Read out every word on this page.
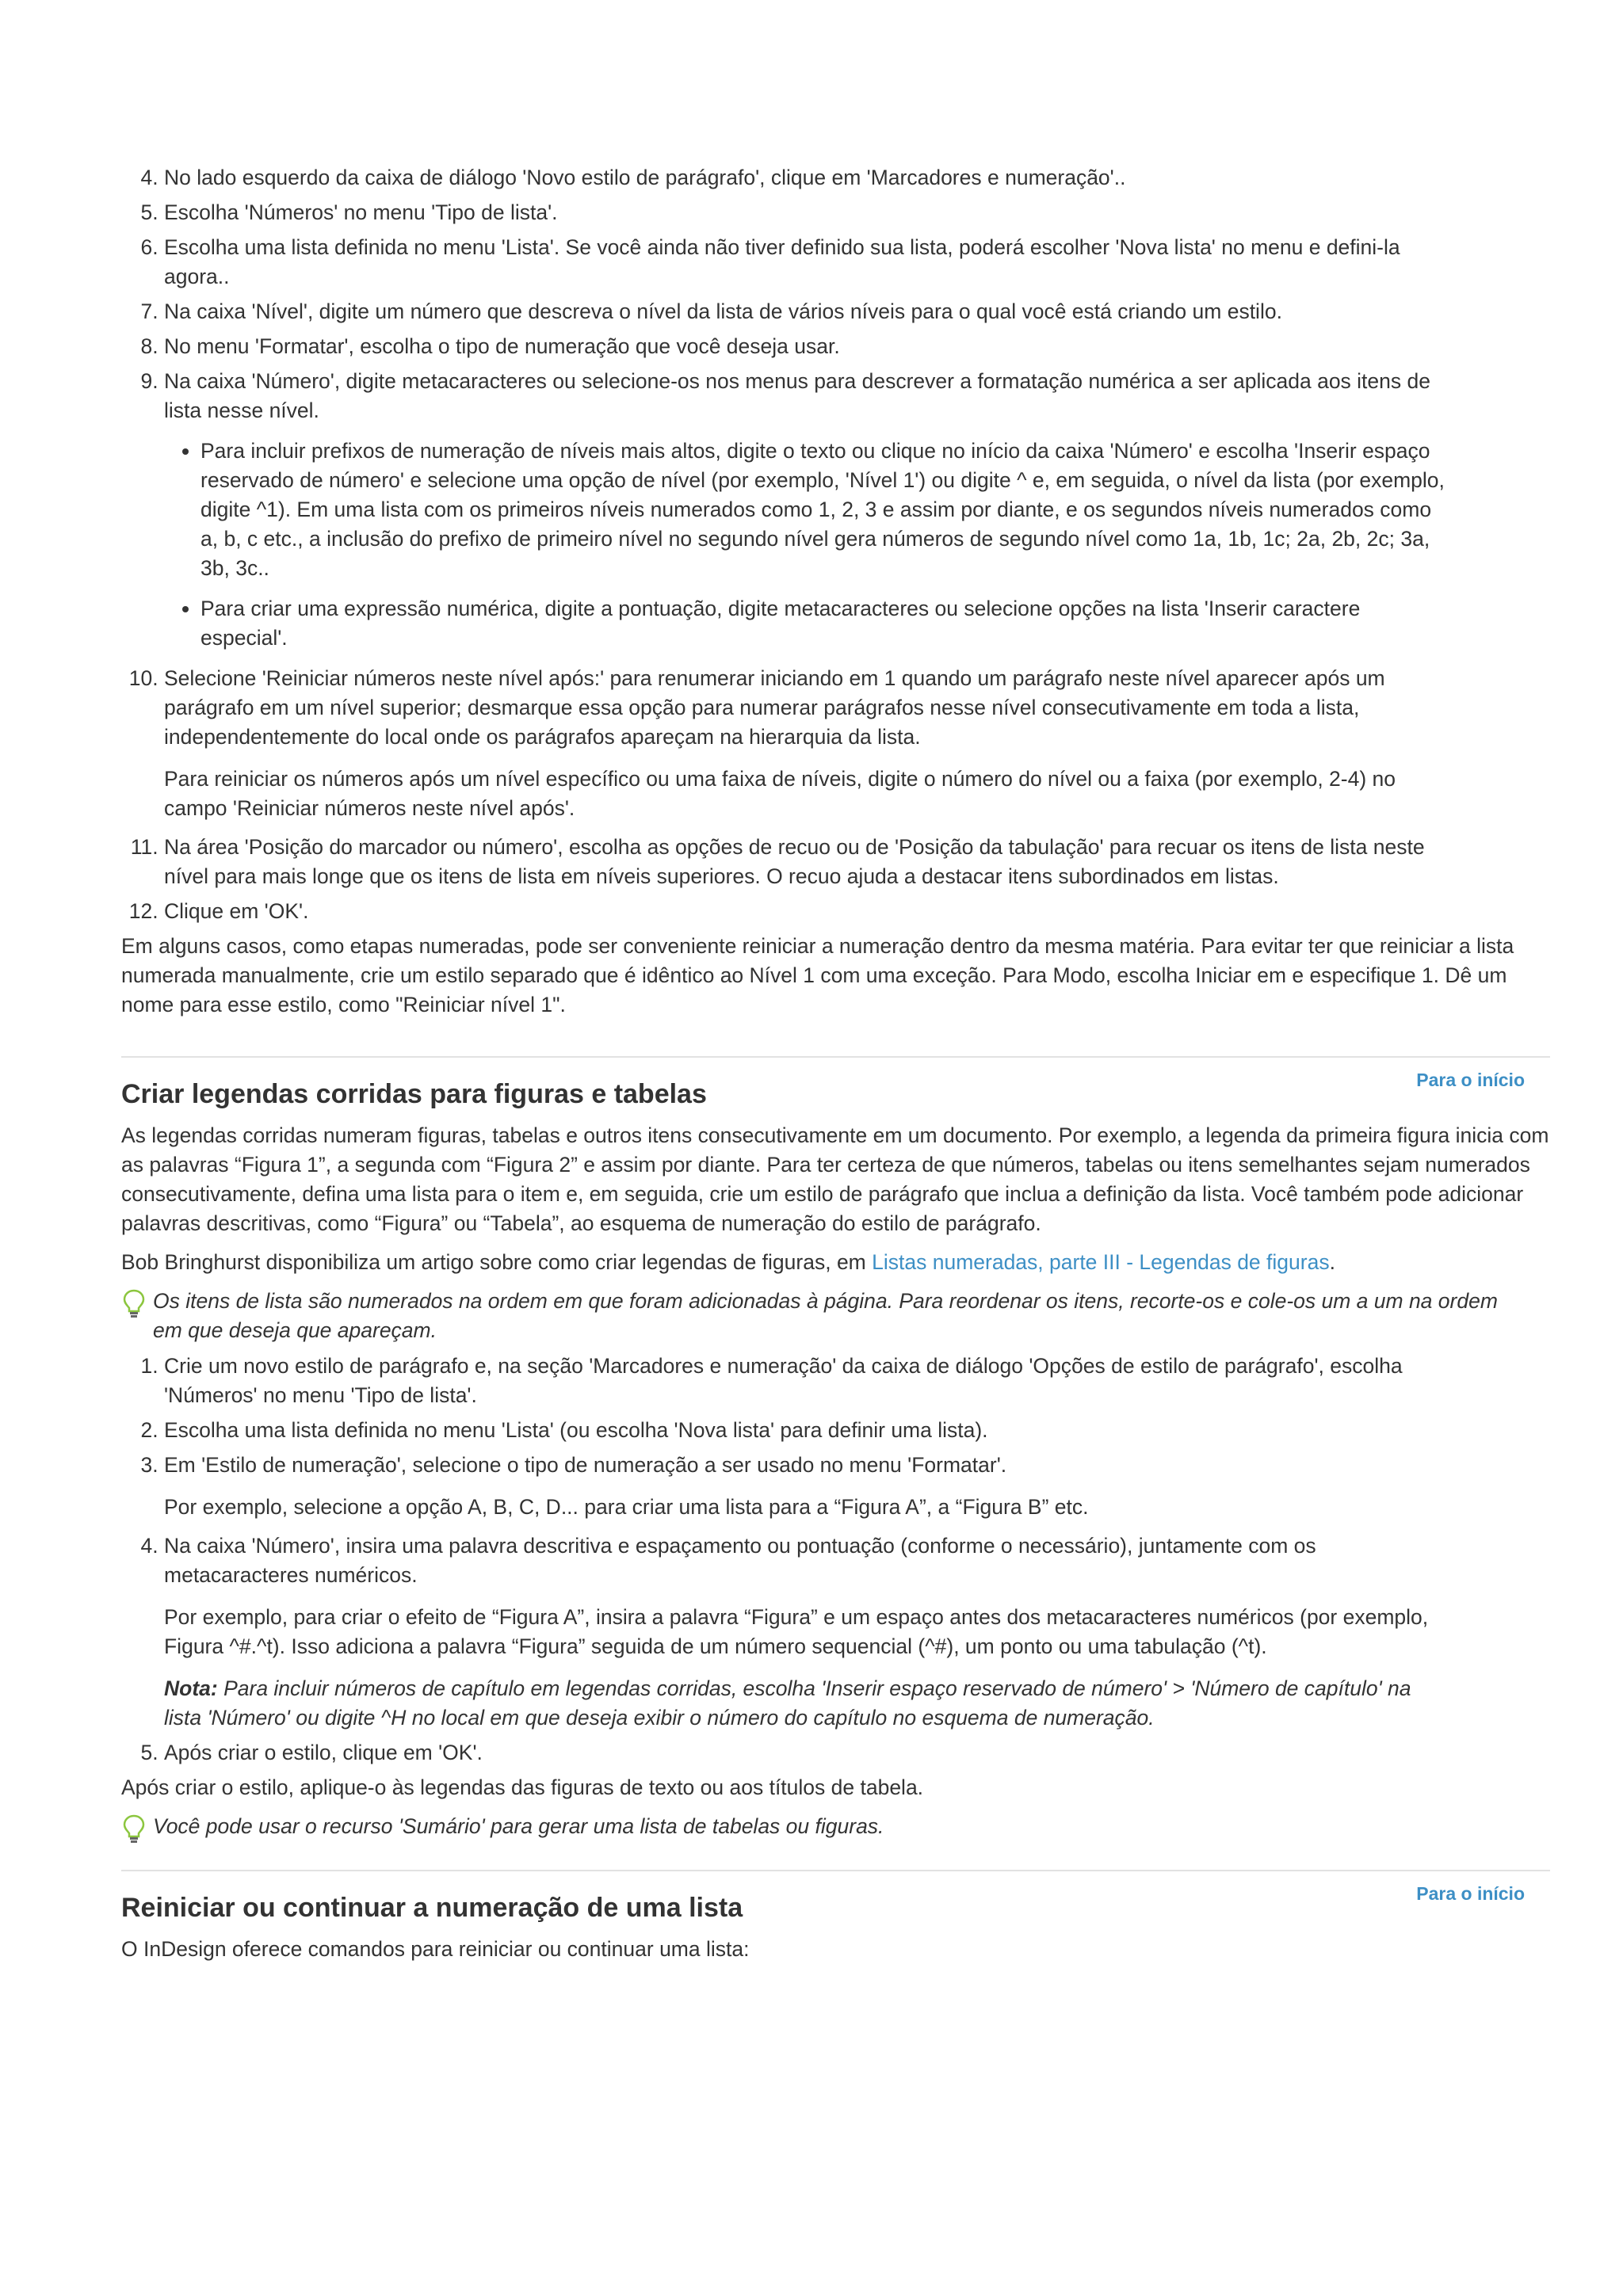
4. No lado esquerdo da caixa de diálogo 'Novo estilo de parágrafo', clique em 'Marcadores e numeração'..
5. Escolha 'Números' no menu 'Tipo de lista'.
6. Escolha uma lista definida no menu 'Lista'. Se você ainda não tiver definido sua lista, poderá escolher 'Nova lista' no menu e defini-la agora..
7. Na caixa 'Nível', digite um número que descreva o nível da lista de vários níveis para o qual você está criando um estilo.
8. No menu 'Formatar', escolha o tipo de numeração que você deseja usar.
9. Na caixa 'Número', digite metacaracteres ou selecione-os nos menus para descrever a formatação numérica a ser aplicada aos itens de lista nesse nível.
• Para incluir prefixos de numeração de níveis mais altos, digite o texto ou clique no início da caixa 'Número' e escolha 'Inserir espaço reservado de número' e selecione uma opção de nível (por exemplo, 'Nível 1') ou digite ^ e, em seguida, o nível da lista (por exemplo, digite ^1). Em uma lista com os primeiros níveis numerados como 1, 2, 3 e assim por diante, e os segundos níveis numerados como a, b, c etc., a inclusão do prefixo de primeiro nível no segundo nível gera números de segundo nível como 1a, 1b, 1c; 2a, 2b, 2c; 3a, 3b, 3c..
• Para criar uma expressão numérica, digite a pontuação, digite metacaracteres ou selecione opções na lista 'Inserir caractere especial'.
10. Selecione 'Reiniciar números neste nível após:' para renumerar iniciando em 1 quando um parágrafo neste nível aparecer após um parágrafo em um nível superior; desmarque essa opção para numerar parágrafos nesse nível consecutivamente em toda a lista, independentemente do local onde os parágrafos apareçam na hierarquia da lista.

Para reiniciar os números após um nível específico ou uma faixa de níveis, digite o número do nível ou a faixa (por exemplo, 2-4) no campo 'Reiniciar números neste nível após'.

11. Na área 'Posição do marcador ou número', escolha as opções de recuo ou de 'Posição da tabulação' para recuar os itens de lista neste nível para mais longe que os itens de lista em níveis superiores. O recuo ajuda a destacar itens subordinados em listas.
12. Clique em 'OK'.

Em alguns casos, como etapas numeradas, pode ser conveniente reiniciar a numeração dentro da mesma matéria. Para evitar ter que reiniciar a lista numerada manualmente, crie um estilo separado que é idêntico ao Nível 1 com uma exceção. Para Modo, escolha Iniciar em e especifique 1. Dê um nome para esse estilo, como "Reiniciar nível 1".

Para o início
Criar legendas corridas para figuras e tabelas

As legendas corridas numeram figuras, tabelas e outros itens consecutivamente em um documento. Por exemplo, a legenda da primeira figura inicia com as palavras “Figura 1”, a segunda com “Figura 2” e assim por diante. Para ter certeza de que números, tabelas ou itens semelhantes sejam numerados consecutivamente, defina uma lista para o item e, em seguida, crie um estilo de parágrafo que inclua a definição da lista. Você também pode adicionar palavras descritivas, como “Figura” ou “Tabela”, ao esquema de numeração do estilo de parágrafo.

Bob Bringhurst disponibiliza um artigo sobre como criar legendas de figuras, em Listas numeradas, parte III - Legendas de figuras.

Os itens de lista são numerados na ordem em que foram adicionadas à página. Para reordenar os itens, recorte-os e cole-os um a um na ordem em que deseja que apareçam.
1. Crie um novo estilo de parágrafo e, na seção 'Marcadores e numeração' da caixa de diálogo 'Opções de estilo de parágrafo', escolha 'Números' no menu 'Tipo de lista'.
2. Escolha uma lista definida no menu 'Lista' (ou escolha 'Nova lista' para definir uma lista).
3. Em 'Estilo de numeração', selecione o tipo de numeração a ser usado no menu 'Formatar'.

Por exemplo, selecione a opção A, B, C, D... para criar uma lista para a “Figura A”, a “Figura B” etc.

4. Na caixa 'Número', insira uma palavra descritiva e espaçamento ou pontuação (conforme o necessário), juntamente com os metacaracteres numéricos.

Por exemplo, para criar o efeito de “Figura A”, insira a palavra “Figura” e um espaço antes dos metacaracteres numéricos (por exemplo, Figura ^#.^t). Isso adiciona a palavra “Figura” seguida de um número sequencial (^#), um ponto ou uma tabulação (^t).

Nota: Para incluir números de capítulo em legendas corridas, escolha 'Inserir espaço reservado de número' > 'Número de capítulo' na lista 'Número' ou digite ^H no local em que deseja exibir o número do capítulo no esquema de numeração.

5. Após criar o estilo, clique em 'OK'.

Após criar o estilo, aplique-o às legendas das figuras de texto ou aos títulos de tabela.

Você pode usar o recurso 'Sumário' para gerar uma lista de tabelas ou figuras.
Para o início
Reiniciar ou continuar a numeração de uma lista

O InDesign oferece comandos para reiniciar ou continuar uma lista:
